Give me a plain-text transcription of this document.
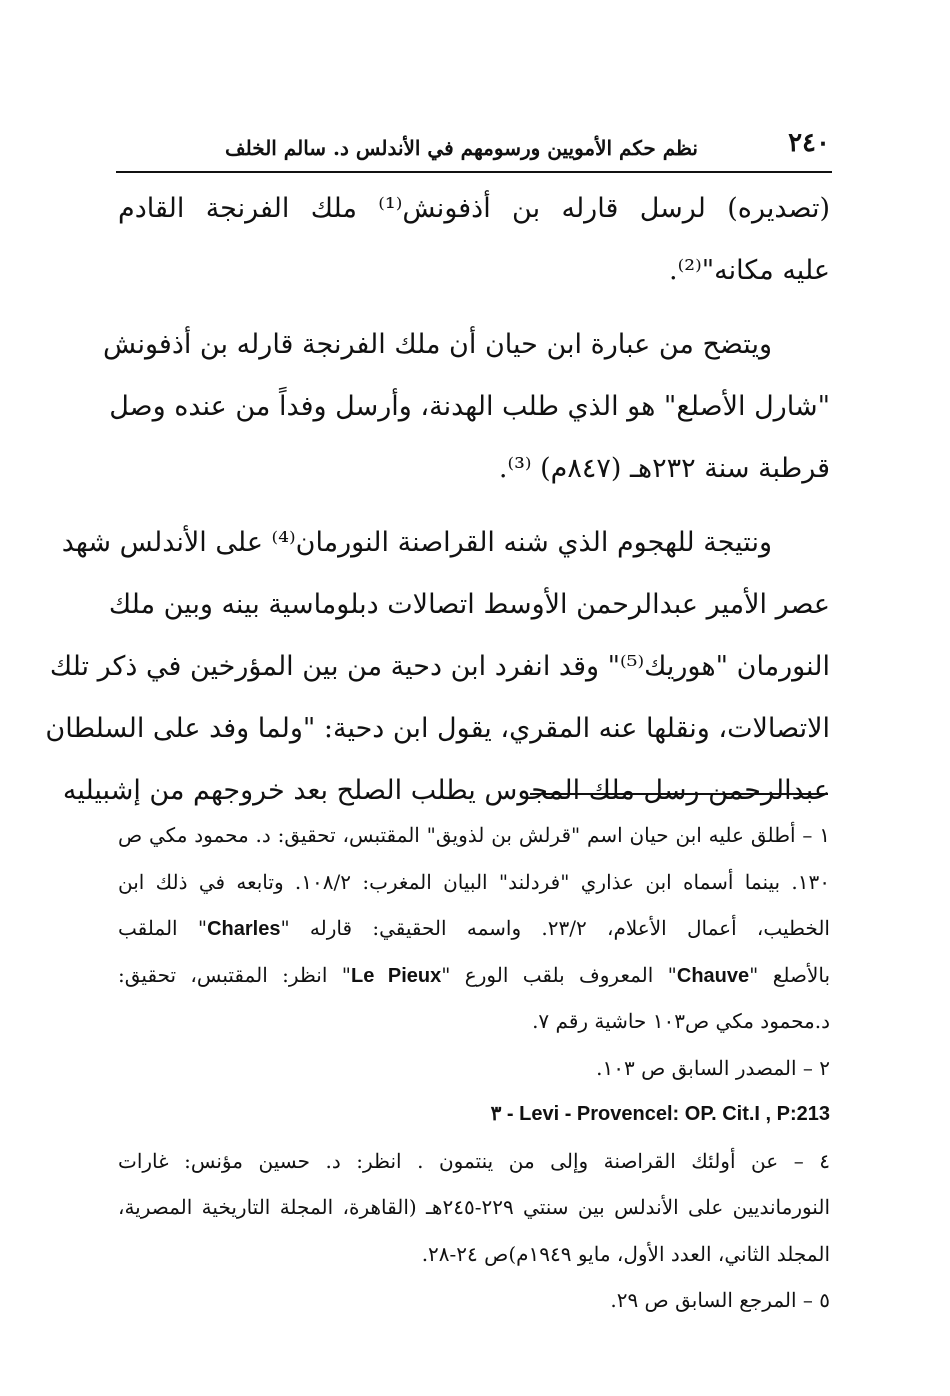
٢٤٠
نظم حكم الأمويين ورسومهم في الأندلس د. سالم الخلف
(تصديره) لرسل قارله بن أذفونش⁽¹⁾ ملك الفرنجة القادم
عليه مكانه"⁽²⁾.
ويتضح من عبارة ابن حيان أن ملك الفرنجة قارله بن أذفونش
"شارل الأصلع" هو الذي طلب الهدنة، وأرسل وفداً من عنده وصل
قرطبة سنة ٢٣٢هـ (٨٤٧م) ⁽³⁾.
ونتيجة للهجوم الذي شنه القراصنة النورمان⁽⁴⁾ على الأندلس شهد
عصر الأمير عبدالرحمن الأوسط اتصالات دبلوماسية بينه وبين ملك
النورمان "هوريك⁽⁵⁾" وقد انفرد ابن دحية من بين المؤرخين في ذكر تلك
الاتصالات، ونقلها عنه المقري، يقول ابن دحية: "ولما وفد على السلطان
عبدالرحمن رسل ملك المجوس يطلب الصلح بعد خروجهم من إشبيليه
١ – أطلق عليه ابن حيان اسم "قرلش بن لذويق" المقتبس، تحقيق: د. محمود مكي ص
١٣٠. بينما أسماه ابن عذاري "فردلند" البيان المغرب: ١٠٨/٢. وتابعه في ذلك ابن
الخطيب، أعمال الأعلام، ٢٣/٢. واسمه الحقيقي: قارله "Charles" الملقب
بالأصلع "Chauve" المعروف بلقب الورع "Le Pieux" انظر: المقتبس، تحقيق:
د.محمود مكي ص١٠٣ حاشية رقم ٧.
٢ – المصدر السابق ص ١٠٣.
Levi - Provencel: OP. Cit.I , P:213 - ٣
٤ – عن أولئك القراصنة وإلى من ينتمون . انظر: د. حسين مؤنس: غارات
النورمانديين على الأندلس بين سنتي ٢٢٩-٢٤٥هـ (القاهرة، المجلة التاريخية المصرية،
المجلد الثاني، العدد الأول، مايو ١٩٤٩م)ص ٢٤-٢٨.
٥ – المرجع السابق ص ٢٩.
